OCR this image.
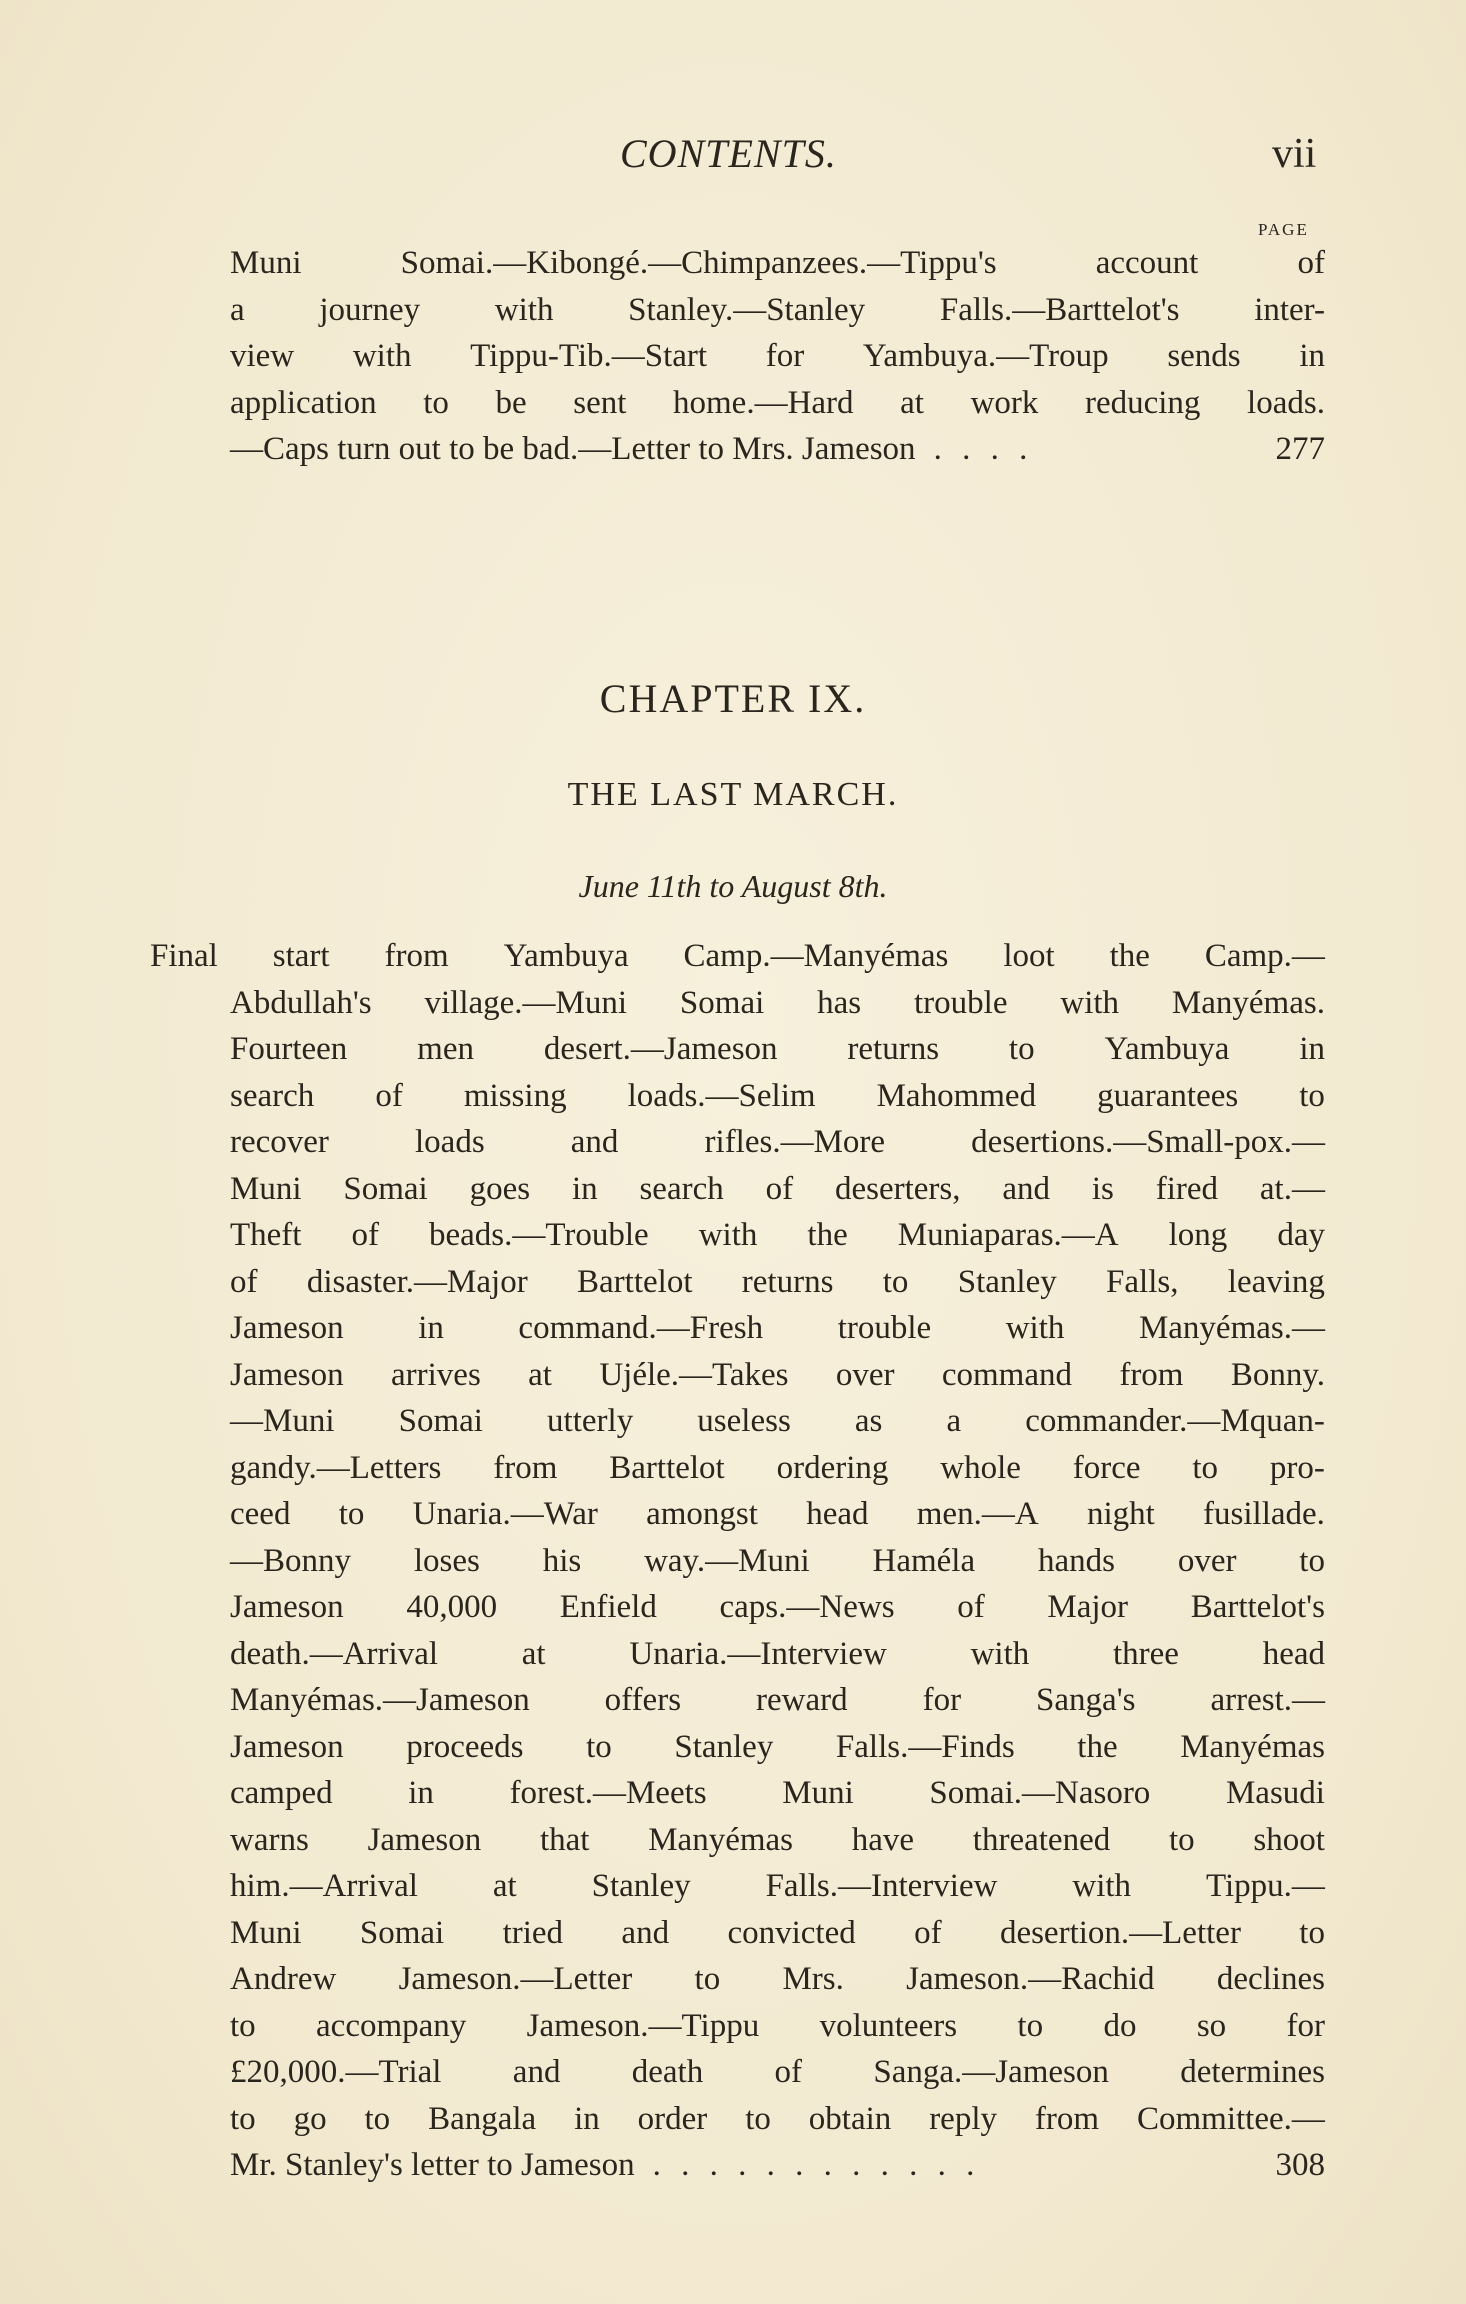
CONTENTS.	vii
PAGE
Muni	Somai.—Kibongé.—Chimpanzees.—Tippu's	account	of
a journey with Stanley.—Stanley Falls.—Barttelot's inter-
view with Tippu-Tib.—Start for Yambuya.—Troup sends in
application to be sent home.—Hard at work reducing loads.
—Caps turn out to be bad.—Letter to Mrs. Jameson . . . .	277
CHAPTER IX.
THE LAST MARCH.
June 11th to August 8th.
Final start from Yambuya Camp.—Manyémas loot the Camp.—
Abdullah's village.—Muni Somai has trouble with Manyémas.
Fourteen men desert.—Jameson returns to Yambuya in
search of missing loads.—Selim Mahommed guarantees to
recover	loads	and	rifles.—More	desertions.—Small-pox.—
Muni Somai goes in search of deserters, and is fired at.—
Theft of beads.—Trouble with the Muniaparas.—A long day
of disaster.—Major Barttelot returns to Stanley Falls, leaving
Jameson in command.—Fresh trouble with Manyémas.—
Jameson arrives at Ujéle.—Takes over command from Bonny.
—Muni Somai utterly useless as a commander.—Mquan-
gandy.—Letters from Barttelot ordering whole force to pro-
ceed to Unaria.—War amongst head men.—A night fusillade.
—Bonny loses his way.—Muni Haméla hands over to
Jameson 40,000 Enfield caps.—News of Major Barttelot's
death.—Arrival	at	Unaria.—Interview	with	three	head
Manyémas.—Jameson offers reward for Sanga's arrest.—
Jameson proceeds to Stanley Falls.—Finds the Manyémas
camped in forest.—Meets Muni Somai.—Nasoro Masudi
warns Jameson that Manyémas have threatened to shoot
him.—Arrival at Stanley Falls.—Interview with Tippu.—
Muni Somai tried and convicted of desertion.—Letter to
Andrew Jameson.—Letter to Mrs. Jameson.—Rachid declines
to accompany Jameson.—Tippu volunteers to do so for
£20,000.—Trial and death of Sanga.—Jameson determines
to go to Bangala in order to obtain reply from Committee.—
Mr. Stanley's letter to Jameson . . . . . . . . . . . .	308
